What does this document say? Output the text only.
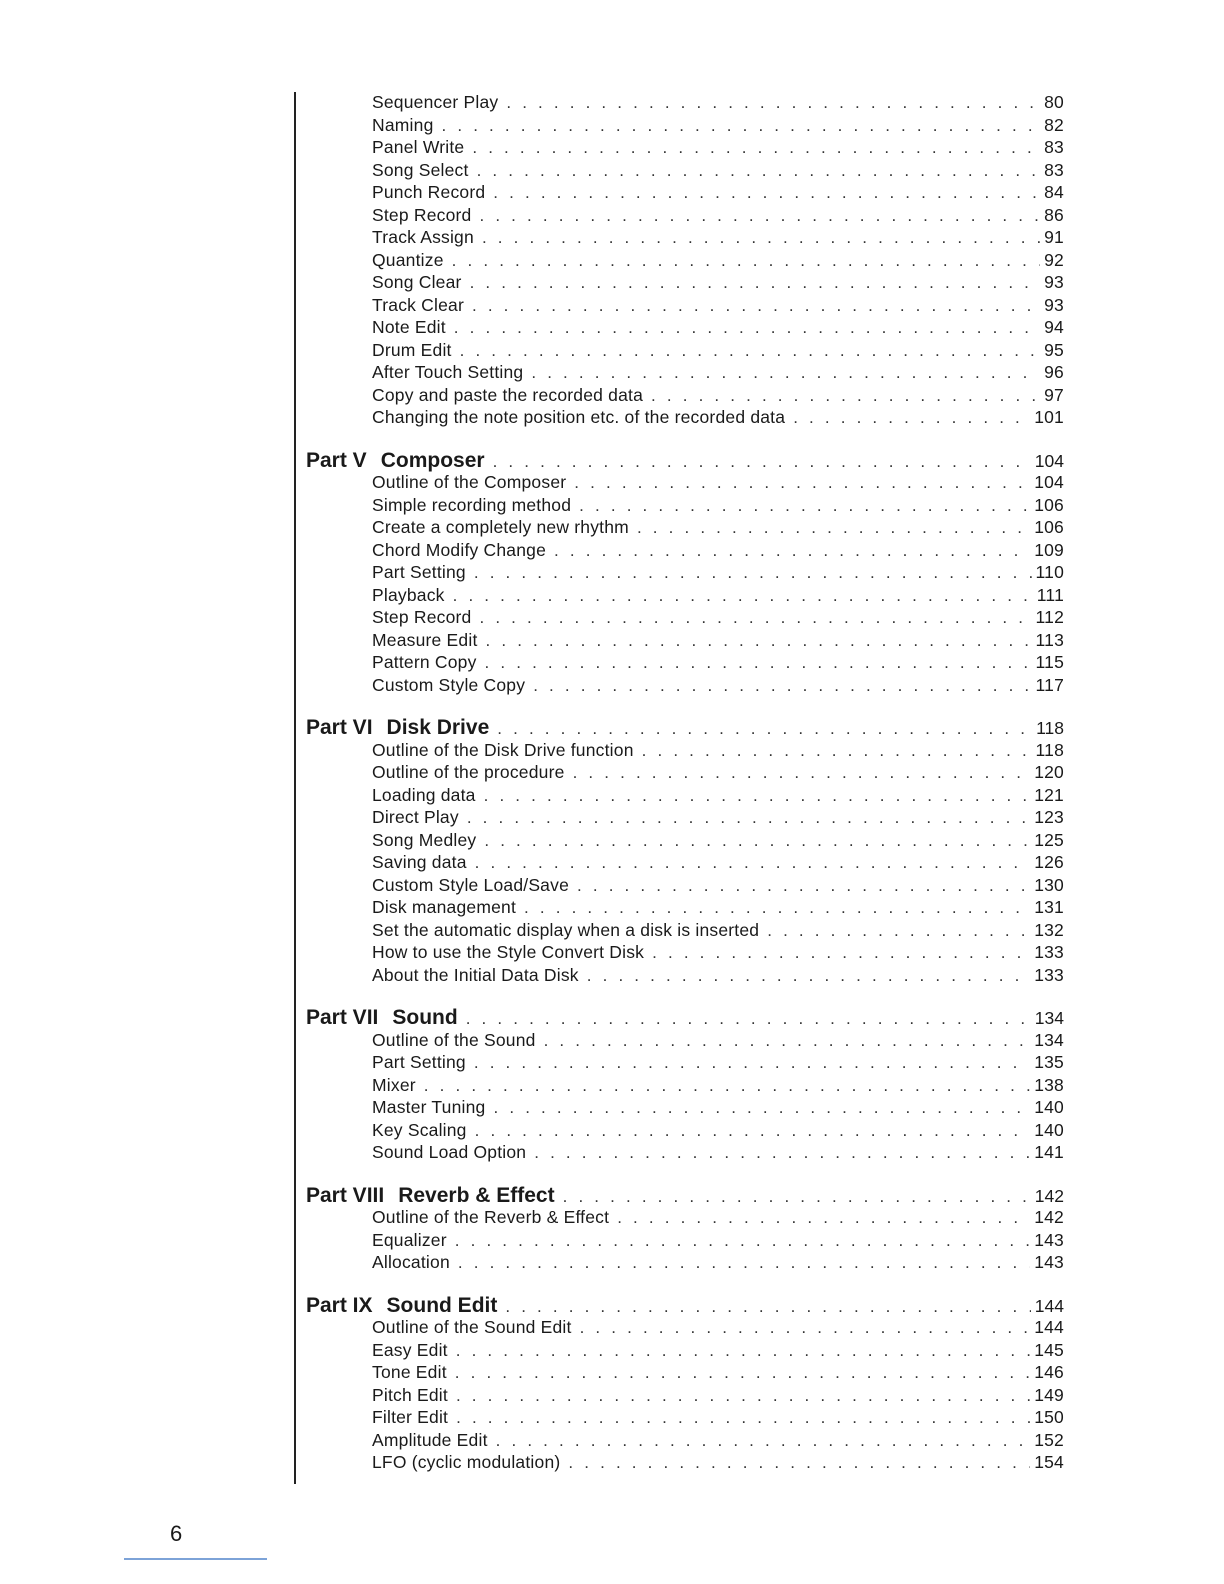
Sequencer Play . . .	80
Naming . . .	82
Panel Write . . .	83
Song Select . . .	83
Punch Record . . .	84
Step Record . . .	86
Track Assign . . .	91
Quantize . . .	92
Song Clear . . .	93
Track Clear . . .	93
Note Edit . . .	94
Drum Edit . . .	95
After Touch Setting . . .	96
Copy and paste the recorded data . . .	97
Changing the note position etc. of the recorded data . . .	101
Part V Composer . . .	104
Outline of the Composer . . .	104
Simple recording method . . .	106
Create a completely new rhythm . . .	106
Chord Modify Change . . .	109
Part Setting . . .	110
Playback . . .	111
Step Record . . .	112
Measure Edit . . .	113
Pattern Copy . . .	115
Custom Style Copy . . .	117
Part VI Disk Drive . . .	118
Outline of the Disk Drive function . . .	118
Outline of the procedure . . .	120
Loading data . . .	121
Direct Play . . .	123
Song Medley . . .	125
Saving data . . .	126
Custom Style Load/Save . . .	130
Disk management . . .	131
Set the automatic display when a disk is inserted . . .	132
How to use the Style Convert Disk . . .	133
About the Initial Data Disk . . .	133
Part VII Sound . . .	134
Outline of the Sound . . .	134
Part Setting . . .	135
Mixer . . .	138
Master Tuning . . .	140
Key Scaling . . .	140
Sound Load Option . . .	141
Part VIII Reverb & Effect . . .	142
Outline of the Reverb & Effect . . .	142
Equalizer . . .	143
Allocation . . .	143
Part IX Sound Edit . . .	144
Outline of the Sound Edit . . .	144
Easy Edit . . .	145
Tone Edit . . .	146
Pitch Edit . . .	149
Filter Edit . . .	150
Amplitude Edit . . .	152
LFO (cyclic modulation) . . .	154
6
